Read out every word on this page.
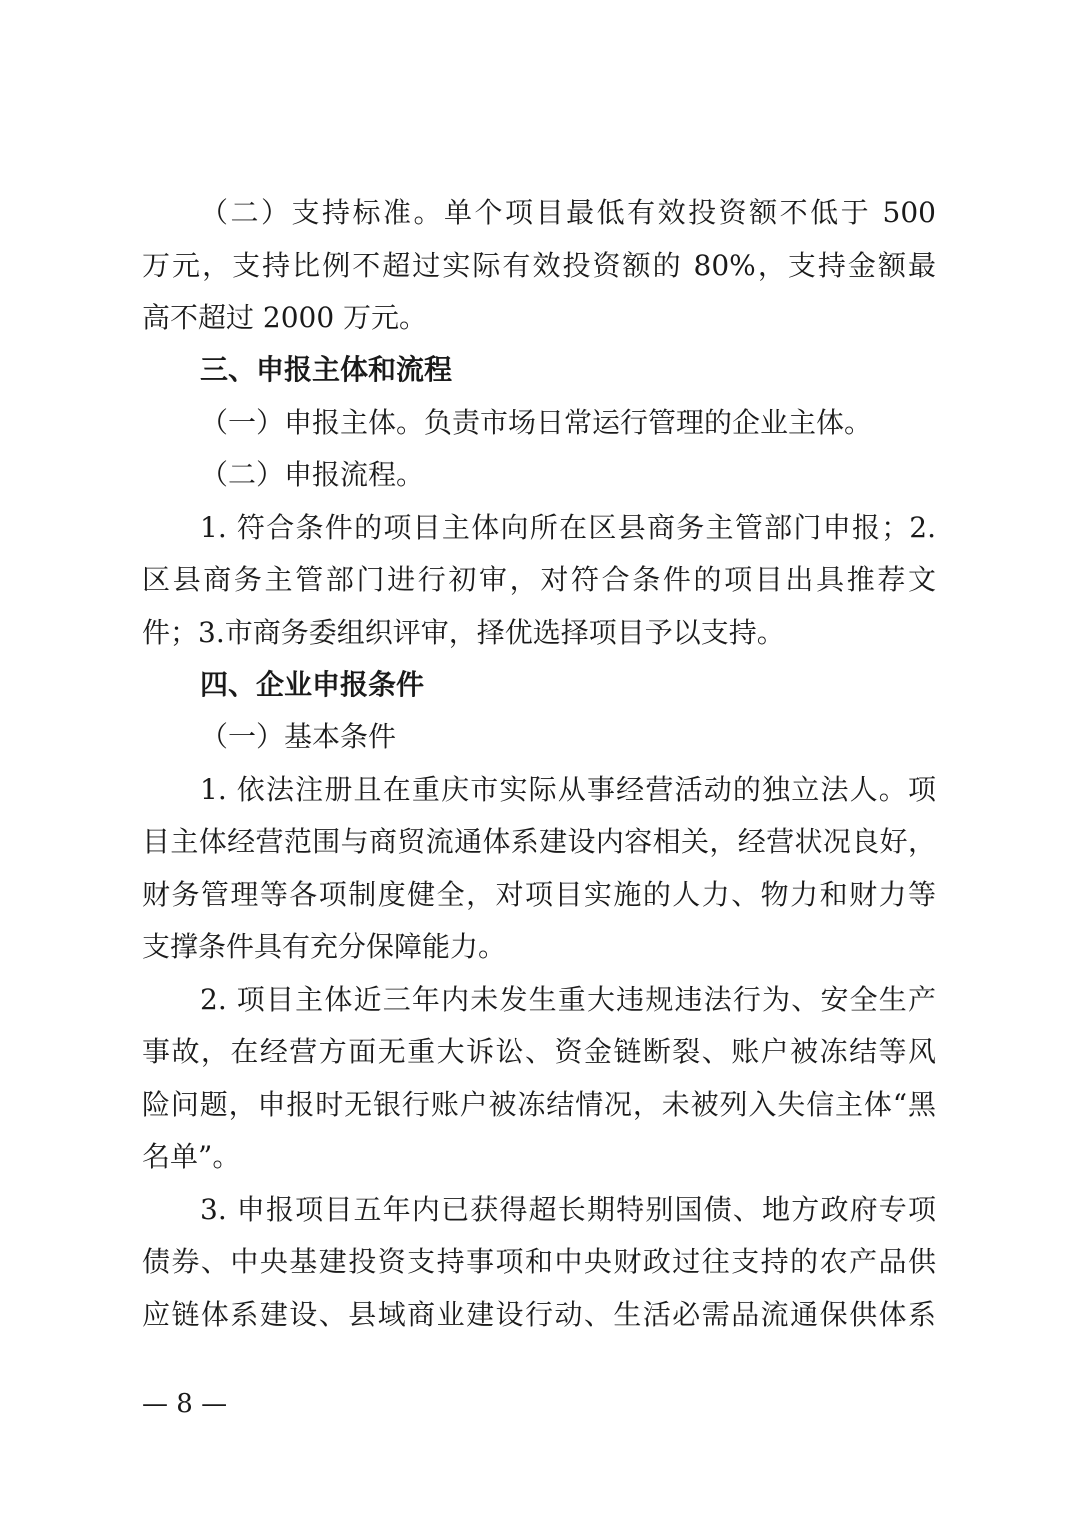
（二）支持标准。单个项目最低有效投资额不低于 500
万元，支持比例不超过实际有效投资额的 80%，支持金额最
高不超过 2000 万元。
三、申报主体和流程
（一）申报主体。负责市场日常运行管理的企业主体。
（二）申报流程。
1. 符合条件的项目主体向所在区县商务主管部门申报；2.
区县商务主管部门进行初审，对符合条件的项目出具推荐文
件；3.市商务委组织评审，择优选择项目予以支持。
四、企业申报条件
（一）基本条件
1. 依法注册且在重庆市实际从事经营活动的独立法人。项
目主体经营范围与商贸流通体系建设内容相关，经营状况良好，
财务管理等各项制度健全，对项目实施的人力、物力和财力等
支撑条件具有充分保障能力。
2. 项目主体近三年内未发生重大违规违法行为、安全生产
事故，在经营方面无重大诉讼、资金链断裂、账户被冻结等风
险问题，申报时无银行账户被冻结情况，未被列入失信主体“黑
名单”。
3. 申报项目五年内已获得超长期特别国债、地方政府专项
债券、中央基建投资支持事项和中央财政过往支持的农产品供
应链体系建设、县域商业建设行动、生活必需品流通保供体系
— 8 —
